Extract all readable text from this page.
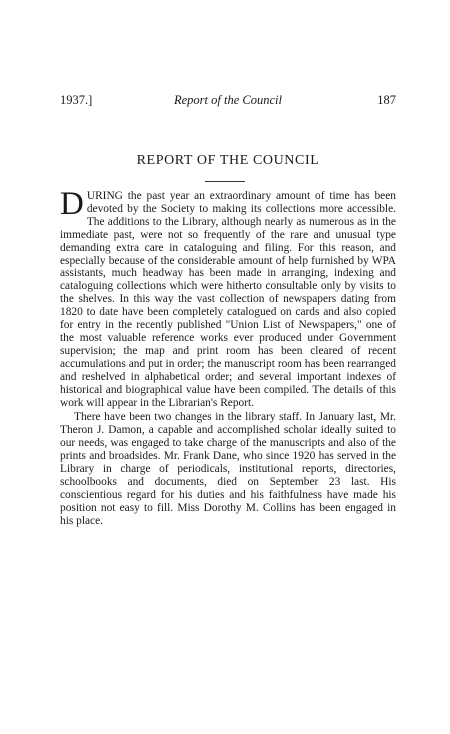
1937.]	Report of the Council	187
REPORT OF THE COUNCIL

DURING the past year an extraordinary amount of time has been devoted by the Society to making its collections more accessible. The additions to the Library, although nearly as numerous as in the immediate past, were not so frequently of the rare and unusual type demanding extra care in cataloguing and filing. For this reason, and especially because of the considerable amount of help furnished by WPA assistants, much headway has been made in arranging, indexing and cataloguing collections which were hitherto consultable only by visits to the shelves. In this way the vast collection of newspapers dating from 1820 to date have been completely catalogued on cards and also copied for entry in the recently published "Union List of Newspapers," one of the most valuable reference works ever produced under Government supervision; the map and print room has been cleared of recent accumulations and put in order; the manuscript room has been rearranged and reshelved in alphabetical order; and several important indexes of historical and biographical value have been compiled. The details of this work will appear in the Librarian's Report.

There have been two changes in the library staff. In January last, Mr. Theron J. Damon, a capable and accomplished scholar ideally suited to our needs, was engaged to take charge of the manuscripts and also of the prints and broadsides. Mr. Frank Dane, who since 1920 has served in the Library in charge of periodicals, institutional reports, directories, schoolbooks and documents, died on September 23 last. His conscientious regard for his duties and his faithfulness have made his position not easy to fill. Miss Dorothy M. Collins has been engaged in his place.
